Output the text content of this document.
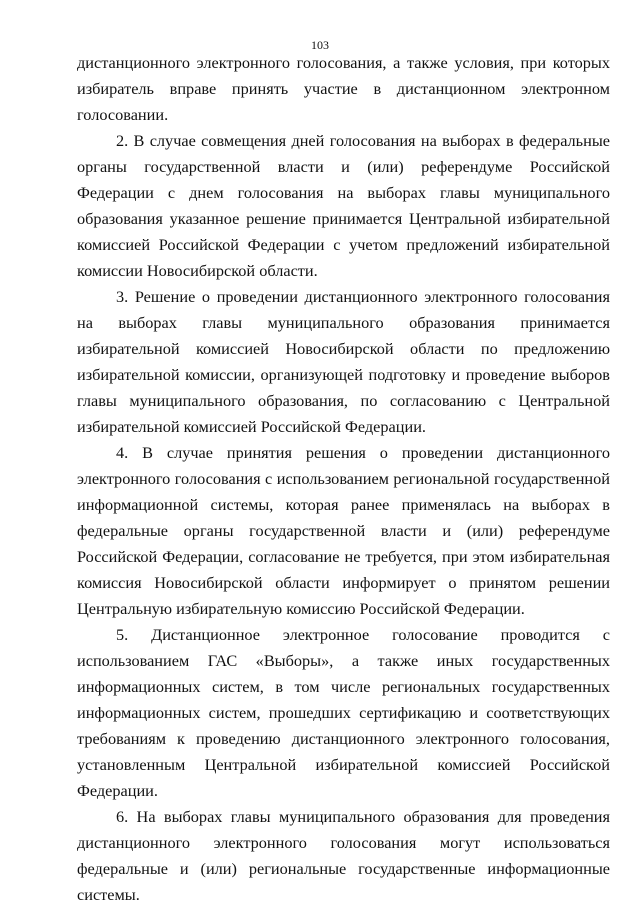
103

дистанционного электронного голосования, а также условия, при которых избиратель вправе принять участие в дистанционном электронном голосовании.

2. В случае совмещения дней голосования на выборах в федеральные органы государственной власти и (или) референдуме Российской Федерации с днем голосования на выборах главы муниципального образования указанное решение принимается Центральной избирательной комиссией Российской Федерации с учетом предложений избирательной комиссии Новосибирской области.

3. Решение о проведении дистанционного электронного голосования на выборах главы муниципального образования принимается избирательной комиссией Новосибирской области по предложению избирательной комиссии, организующей подготовку и проведение выборов главы муниципального образования, по согласованию с Центральной избирательной комиссией Российской Федерации.

4. В случае принятия решения о проведении дистанционного электронного голосования с использованием региональной государственной информационной системы, которая ранее применялась на выборах в федеральные органы государственной власти и (или) референдуме Российской Федерации, согласование не требуется, при этом избирательная комиссия Новосибирской области информирует о принятом решении Центральную избирательную комиссию Российской Федерации.

5. Дистанционное электронное голосование проводится с использованием ГАС «Выборы», а также иных государственных информационных систем, в том числе региональных государственных информационных систем, прошедших сертификацию и соответствующих требованиям к проведению дистанционного электронного голосования, установленным Центральной избирательной комиссией Российской Федерации.

6. На выборах главы муниципального образования для проведения дистанционного электронного голосования могут использоваться федеральные и (или) региональные государственные информационные системы.
